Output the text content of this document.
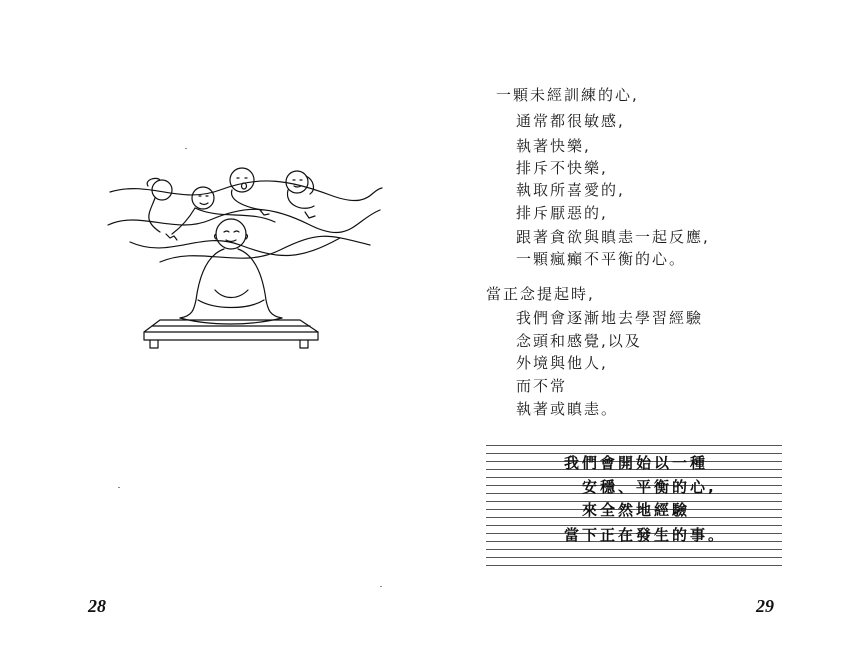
28
一顆未經訓練的心,
通常都很敏感,
執著快樂,
排斥不快樂,
執取所喜愛的,
排斥厭惡的,
跟著貪欲與瞋恚一起反應,
一顆瘋癲不平衡的心。
當正念提起時,
我們會逐漸地去學習經驗
念頭和感覺,以及
外境與他人,
而不常
執著或瞋恚。
我們會開始以一種
安穩、平衡的心,
來全然地經驗
當下正在發生的事。
29
